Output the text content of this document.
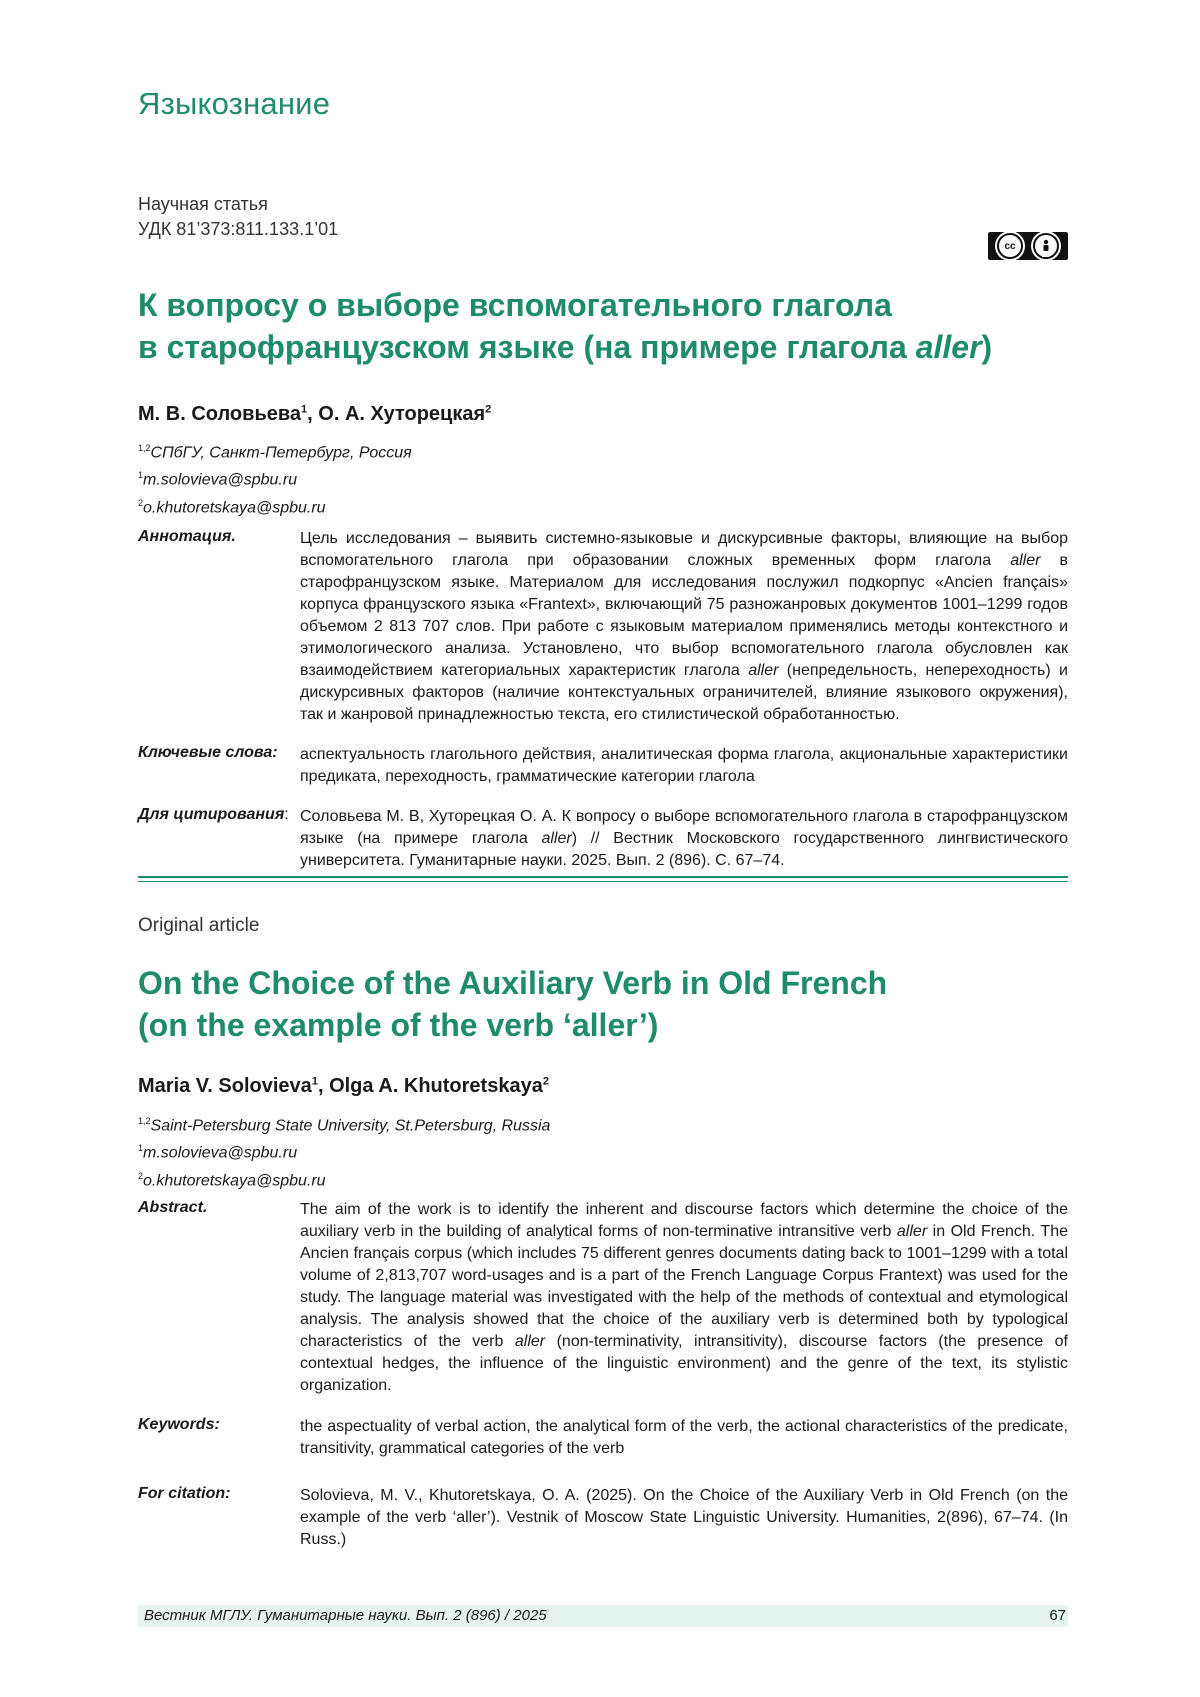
Языкознание
Научная статья
УДК 81’373:811.133.1’01
cc
BY
К вопросу о выборе вспомогательного глагола
в старофранцузском языке (на примере глагола aller)
М. В. Соловьева1, О. А. Хуторецкая2
1,2СПбГУ, Санкт-Петербург, Россия
1m.solovieva@spbu.ru
2o.khutoretskaya@spbu.ru
Аннотация.	Цель исследования – выявить системно-языковые и дискурсивные факторы, влияющие на выбор вспомогательного глагола при образовании сложных временных форм глагола aller в старофранцузском языке. Материалом для исследования послужил подкорпус «Ancien français» корпуса французского языка «Frantext», включающий 75 разножанровых документов 1001–1299 годов объемом 2 813 707 слов. При работе с языковым материалом применялись методы контекстного и этимологического анализа. Установлено, что выбор вспомогательного глагола обусловлен как взаимодействием категориальных характеристик глагола aller (непредельность, непереходность) и дискурсивных факторов (наличие контекстуальных ограничителей, влияние языкового окружения), так и жанровой принадлежностью текста, его стилистической обработанностью.
Ключевые слова: аспектуальность глагольного действия, аналитическая форма глагола, акциональные характеристики предиката, переходность, грамматические категории глагола
Для цитирования: Соловьева М. В, Хуторецкая О. А. К вопросу о выборе вспомогательного глагола в старофранцузском языке (на примере глагола aller) // Вестник Московского государственного лингвистического университета. Гуманитарные науки. 2025. Вып. 2 (896). С. 67–74.
Original article
On the Choice of the Auxiliary Verb in Old French
(on the example of the verb ‘aller’)
Maria V. Solovieva1, Olga A. Khutoretskaya2
1,2Saint-Petersburg State University, St.Petersburg, Russia
1m.solovieva@spbu.ru
2o.khutoretskaya@spbu.ru
Abstract.	The aim of the work is to identify the inherent and discourse factors which determine the choice of the auxiliary verb in the building of analytical forms of non-terminative intransitive verb aller in Old French. The Ancien français corpus (which includes 75 different genres documents dating back to 1001–1299 with a total volume of 2,813,707 word-usages and is a part of the French Language Corpus Frantext) was used for the study. The language material was investigated with the help of the methods of contextual and etymological analysis. The analysis showed that the choice of the auxiliary verb is determined both by typological characteristics of the verb aller (non-terminativity, intransitivity), discourse factors (the presence of contextual hedges, the influence of the linguistic environment) and the genre of the text, its stylistic organization.
Keywords:	the aspectuality of verbal action, the analytical form of the verb, the actional characteristics of the predicate, transitivity, grammatical categories of the verb
For citation:	Solovieva, M. V., Khutoretskaya, O. A. (2025). On the Choice of the Auxiliary Verb in Old French (on the example of the verb ‘aller’). Vestnik of Moscow State Linguistic University. Humanities, 2(896), 67–74. (In Russ.)
Вестник МГЛУ. Гуманитарные науки. Вып. 2 (896) / 2025	67
